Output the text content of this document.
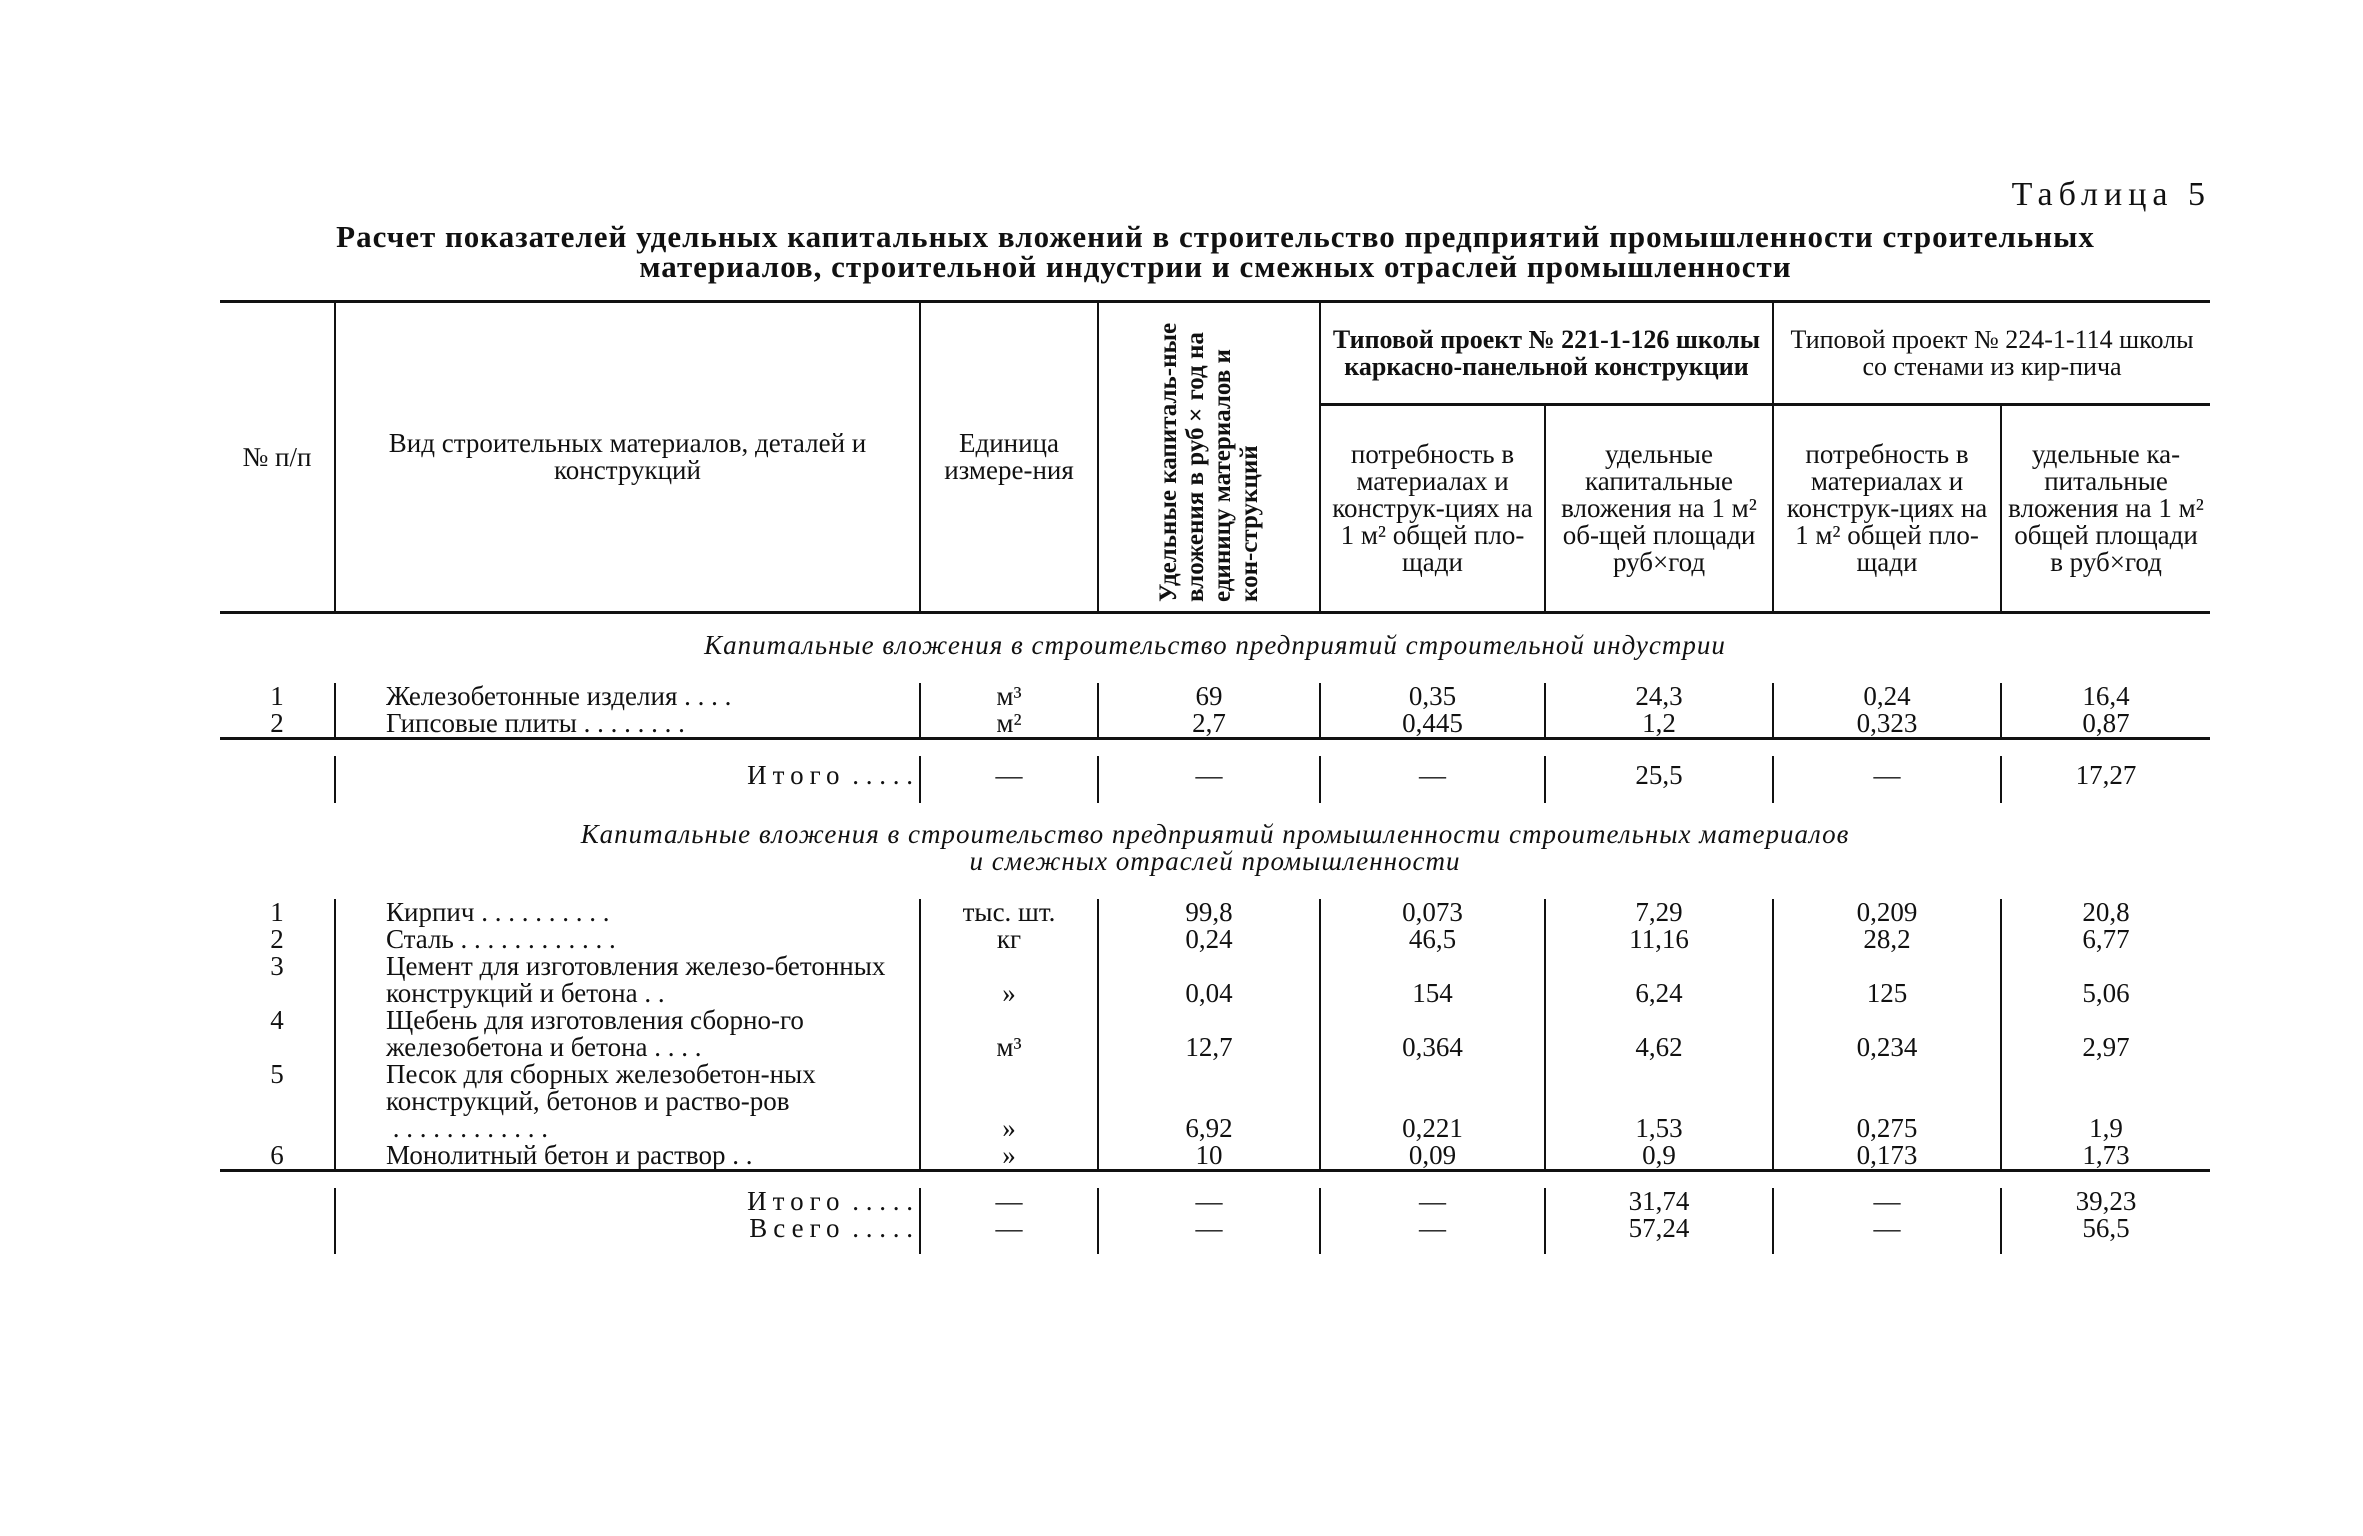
Таблица 5
Расчет показателей удельных капитальных вложений в строительство предприятий промышленности строительных
материалов, строительной индустрии и смежных отраслей промышленности
№ п/п	Вид строительных материалов, деталей и конструкций	Единица измере-ния	Удельные капиталь-ные вложения в руб×год на единицу материалов и кон-струкций	Типовой проект № 221-1-126 школы каркасно-панельной конструкции		Типовой проект № 224-1-114 школы со стенами из кир-пича	
				потребность в материалах и конструк-циях на 1 м² общей пло-щади	удельные капитальные вложения на 1 м² об-щей площади руб×год	потребность в материалах и конструк-циях на 1 м² общей пло-щади	удельные ка-питальные вложения на 1 м² общей площади в руб×год
Капитальные вложения в строительство предприятий строительной индустрии							
1	Железобетонные изделия . . . .	м³	69	0,35	24,3	0,24	16,4
2	Гипсовые плиты . . . . . . . .	м²	2,7	0,445	1,2	0,323	0,87

	Итого . . . . .	—	—	—	25,5	—	17,27

Капитальные вложения в строительство предприятий промышленности строительных материалов
и смежных отраслей промышленности							

1	Кирпич . . . . . . . . . .	тыс. шт.	99,8	0,073	7,29	0,209	20,8
2	Сталь . . . . . . . . . . . .	кг	0,24	46,5	11,16	28,2	6,77
3	Цемент для изготовления железо-бетонных конструкций и бетона . .	»	0,04	154	6,24	125	5,06
4	Щебень для изготовления сборно-го железобетона и бетона . . . .	м³	12,7	0,364	4,62	0,234	2,97
5	Песок для сборных железобетон-ных конструкций, бетонов и раство-ров . . . . . . . . . . . .	»	6,92	0,221	1,53	0,275	1,9
6	Монолитный бетон и раствор . .	»	10	0,09	0,9	0,173	1,73

	Итого . . . . .	—	—	—	31,74	—	39,23
	Всего . . . . .	—	—	—	57,24	—	56,5
